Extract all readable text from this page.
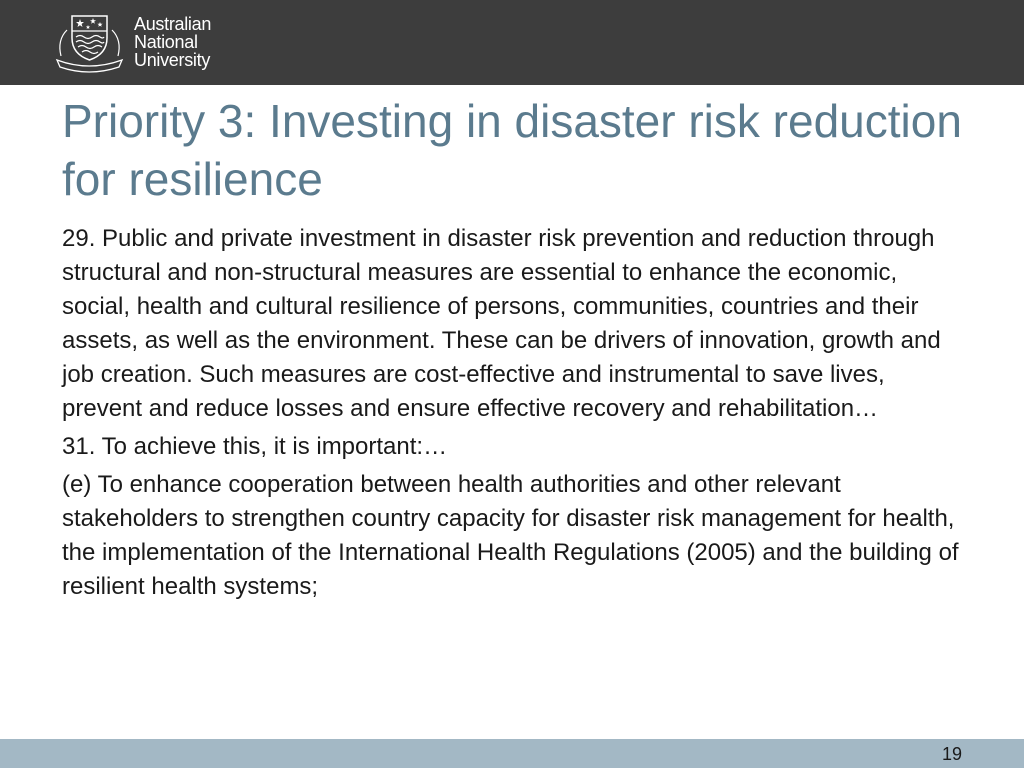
Australian
National
University
Priority 3: Investing in disaster risk reduction for resilience

29. Public and private investment in disaster risk prevention and reduction through structural and non-structural measures are essential to enhance the economic, social, health and cultural resilience of persons, communities, countries and their assets, as well as the environment. These can be drivers of innovation, growth and job creation. Such measures are cost-effective and instrumental to save lives, prevent and reduce losses and ensure effective recovery and rehabilitation…

31. To achieve this, it is important:…

(e) To enhance cooperation between health authorities and other relevant stakeholders to strengthen country capacity for disaster risk management for health, the implementation of the International Health Regulations (2005) and the building of resilient health systems;

19
